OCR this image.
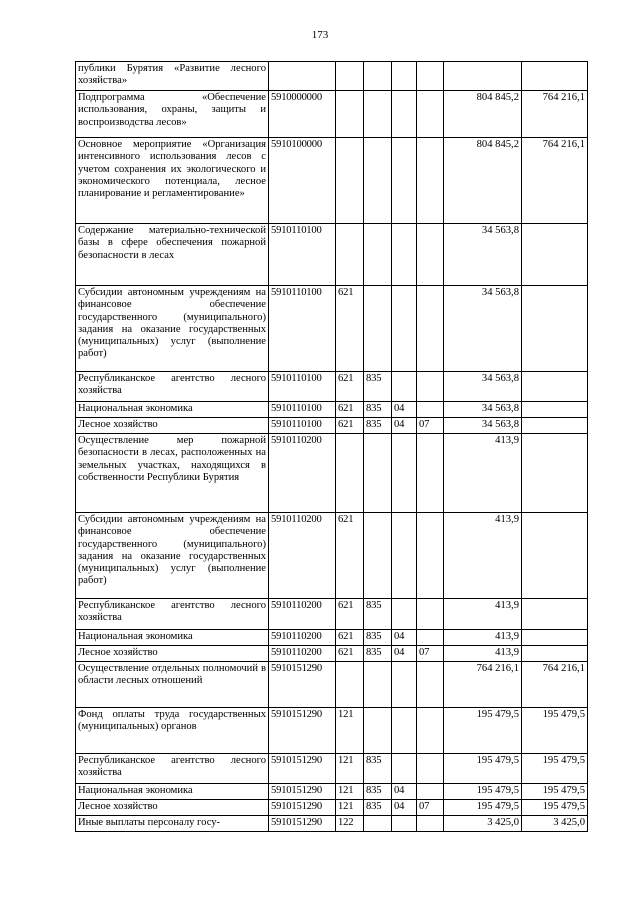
173
публики Бурятия «Развитие лесного хозяйства»							
Подпрограмма «Обеспечение использования, охраны, защиты и воспроизводства лесов»	5910000000					804 845,2	764 216,1
Основное мероприятие «Организация интенсивного использования лесов с учетом сохранения их экологического и экономического потенциала, лесное планирование и регламентирование»	5910100000					804 845,2	764 216,1
Содержание материально-технической базы в сфере обеспечения пожарной безопасности в лесах	5910110100					34 563,8	
Субсидии автономным учреждениям на финансовое обеспечение государственного (муниципального) задания на оказание государственных (муниципальных) услуг (выполнение работ)	5910110100	621				34 563,8	
Республиканское агентство лесного хозяйства	5910110100	621	835			34 563,8	
Национальная экономика	5910110100	621	835	04		34 563,8	
Лесное хозяйство	5910110100	621	835	04	07	34 563,8	
Осуществление мер пожарной безопасности в лесах, расположенных на земельных участках, находящихся в собственности Республики Бурятия	5910110200					413,9	
Субсидии автономным учреждениям на финансовое обеспечение государственного (муниципального) задания на оказание государственных (муниципальных) услуг (выполнение работ)	5910110200	621				413,9	
Республиканское агентство лесного хозяйства	5910110200	621	835			413,9	
Национальная экономика	5910110200	621	835	04		413,9	
Лесное хозяйство	5910110200	621	835	04	07	413,9	
Осуществление отдельных полномочий в области лесных отношений	5910151290					764 216,1	764 216,1
Фонд оплаты труда государственных (муниципальных) органов	5910151290	121				195 479,5	195 479,5
Республиканское агентство лесного хозяйства	5910151290	121	835			195 479,5	195 479,5
Национальная экономика	5910151290	121	835	04		195 479,5	195 479,5
Лесное хозяйство	5910151290	121	835	04	07	195 479,5	195 479,5
Иные выплаты персоналу госу-	5910151290	122				3 425,0	3 425,0
